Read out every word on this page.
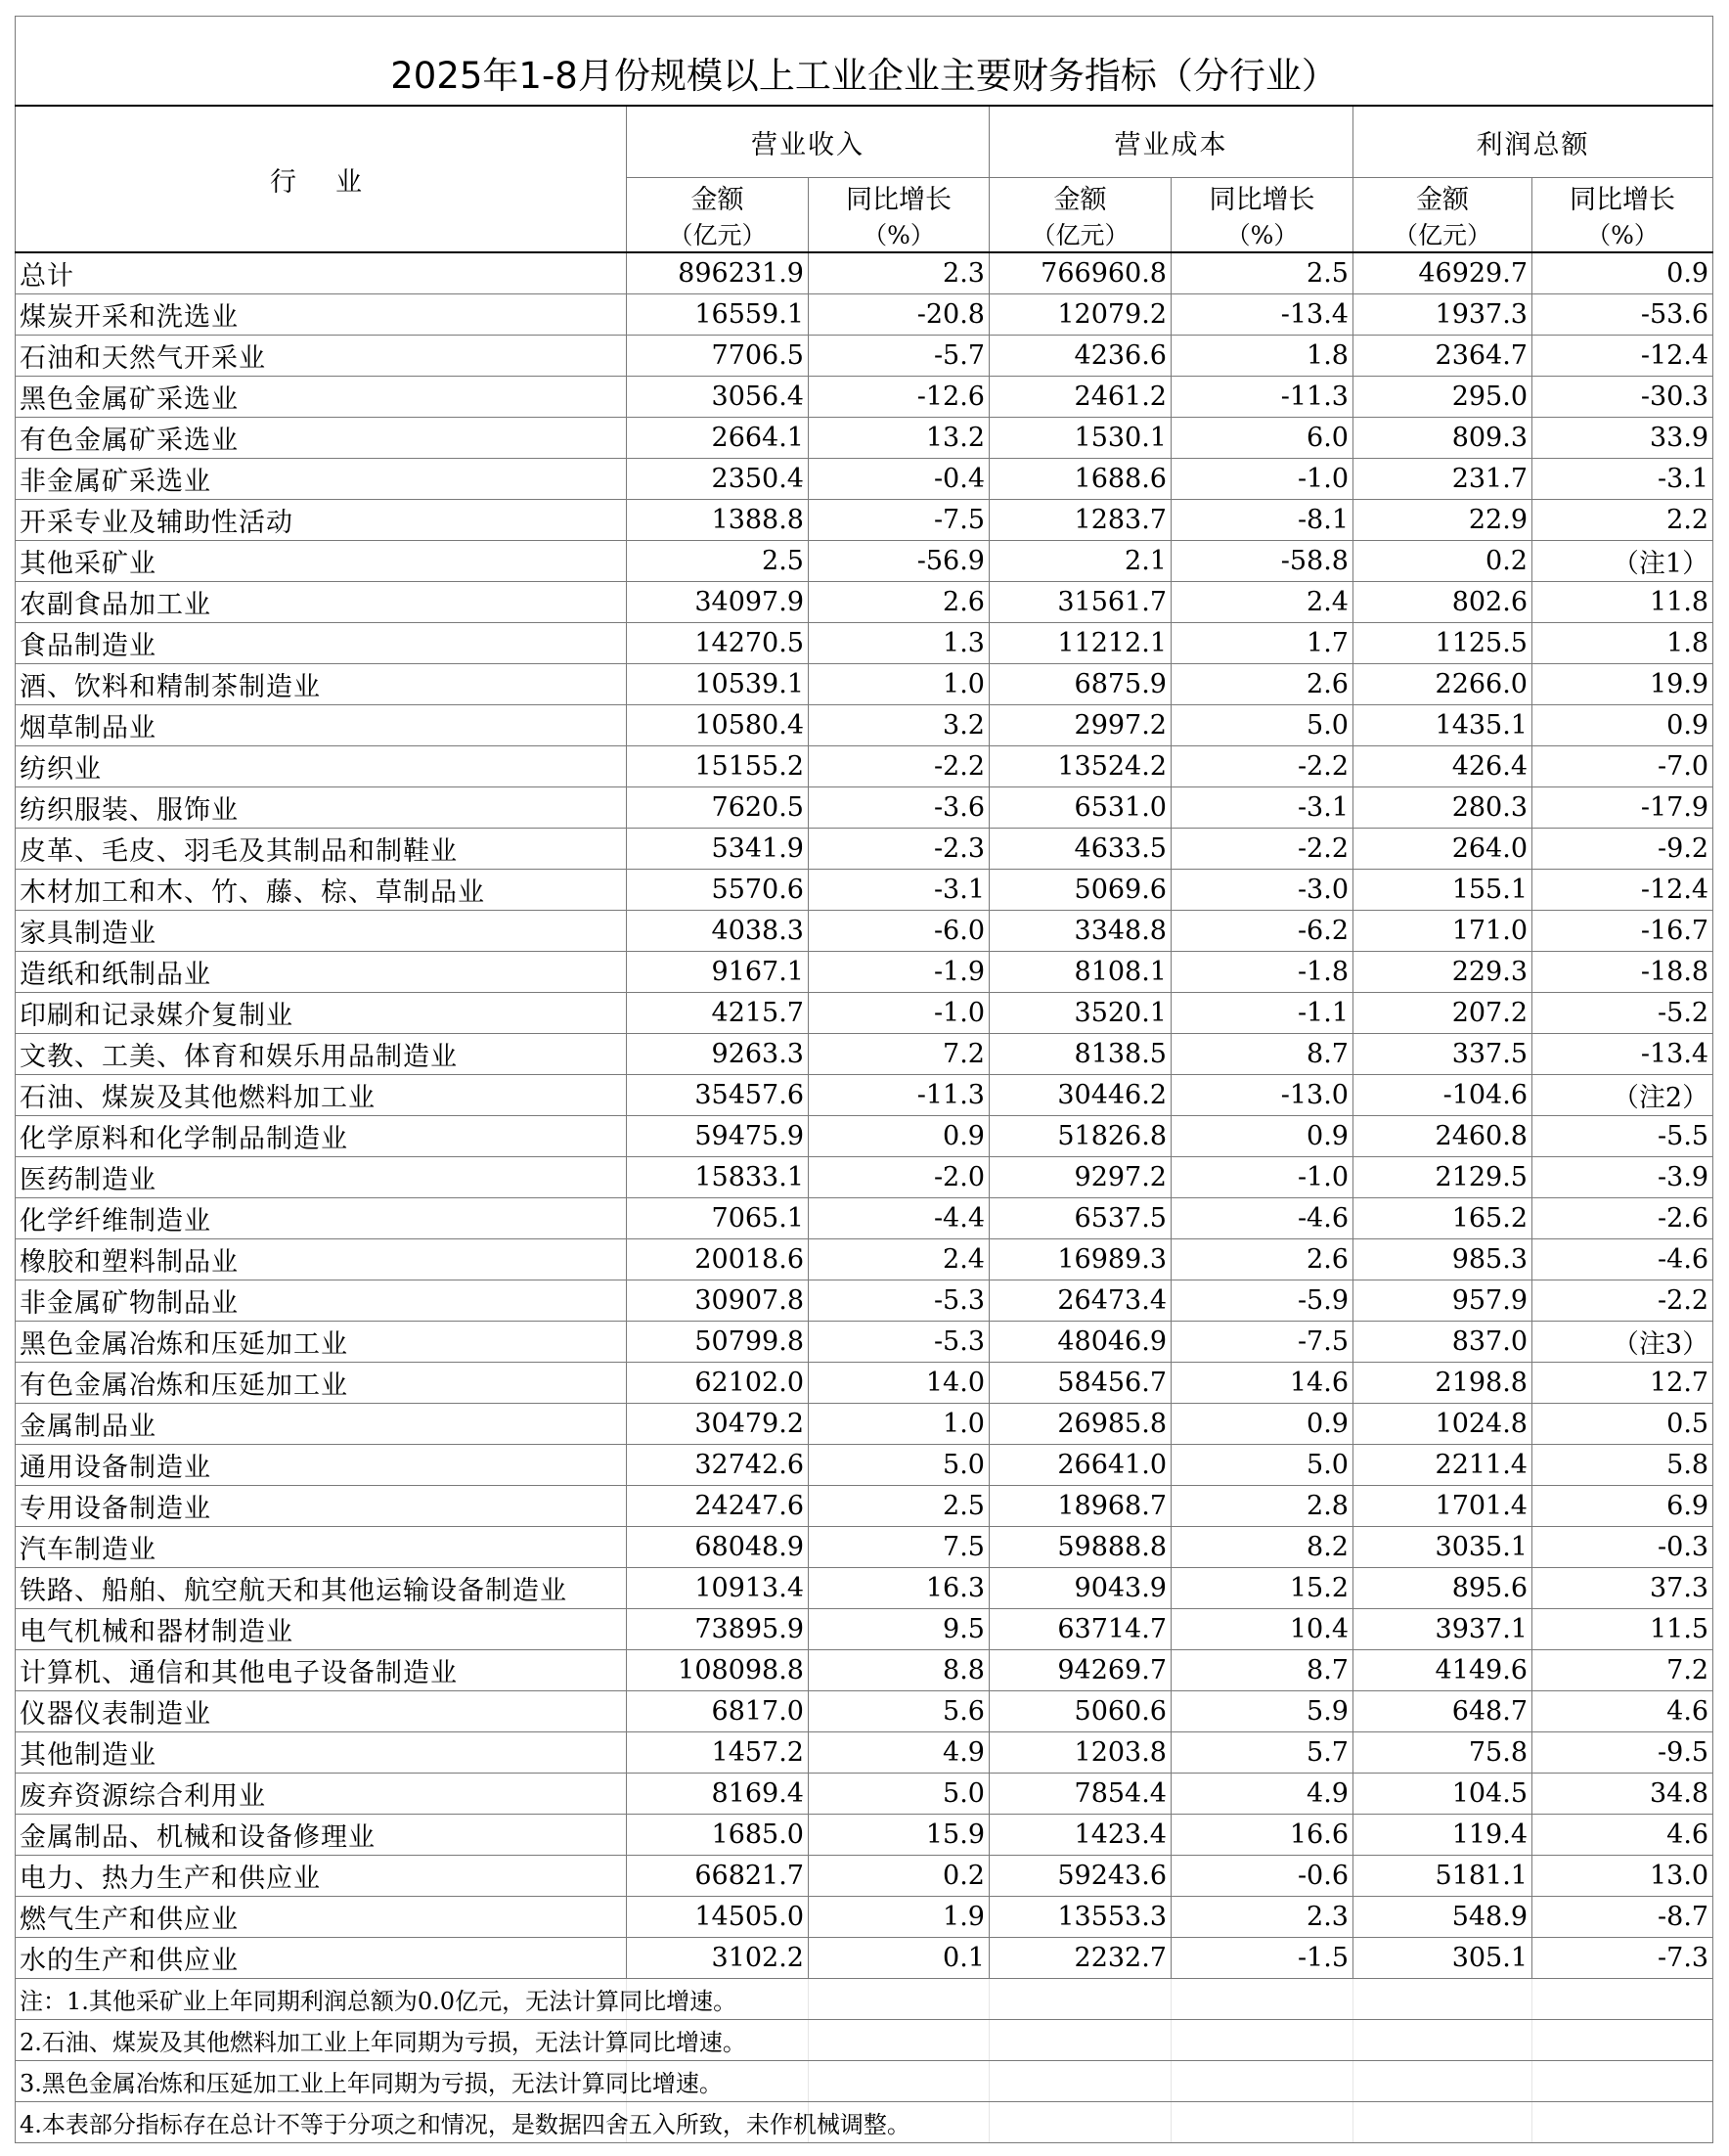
2025年1-8月份规模以上工业企业主要财务指标（分行业）						
行业	营业收入		营业成本		利润总额	
	金额	同比增长	金额	同比增长	金额	同比增长
	（亿元）	（%）	（亿元）	（%）	（亿元）	（%）
总计	896231.9	2.3	766960.8	2.5	46929.7	0.9
煤炭开采和洗选业	16559.1	-20.8	12079.2	-13.4	1937.3	-53.6
石油和天然气开采业	7706.5	-5.7	4236.6	1.8	2364.7	-12.4
黑色金属矿采选业	3056.4	-12.6	2461.2	-11.3	295.0	-30.3
有色金属矿采选业	2664.1	13.2	1530.1	6.0	809.3	33.9
非金属矿采选业	2350.4	-0.4	1688.6	-1.0	231.7	-3.1
开采专业及辅助性活动	1388.8	-7.5	1283.7	-8.1	22.9	2.2
其他采矿业	2.5	-56.9	2.1	-58.8	0.2	（注1）
农副食品加工业	34097.9	2.6	31561.7	2.4	802.6	11.8
食品制造业	14270.5	1.3	11212.1	1.7	1125.5	1.8
酒、饮料和精制茶制造业	10539.1	1.0	6875.9	2.6	2266.0	19.9
烟草制品业	10580.4	3.2	2997.2	5.0	1435.1	0.9
纺织业	15155.2	-2.2	13524.2	-2.2	426.4	-7.0
纺织服装、服饰业	7620.5	-3.6	6531.0	-3.1	280.3	-17.9
皮革、毛皮、羽毛及其制品和制鞋业	5341.9	-2.3	4633.5	-2.2	264.0	-9.2
木材加工和木、竹、藤、棕、草制品业	5570.6	-3.1	5069.6	-3.0	155.1	-12.4
家具制造业	4038.3	-6.0	3348.8	-6.2	171.0	-16.7
造纸和纸制品业	9167.1	-1.9	8108.1	-1.8	229.3	-18.8
印刷和记录媒介复制业	4215.7	-1.0	3520.1	-1.1	207.2	-5.2
文教、工美、体育和娱乐用品制造业	9263.3	7.2	8138.5	8.7	337.5	-13.4
石油、煤炭及其他燃料加工业	35457.6	-11.3	30446.2	-13.0	-104.6	（注2）
化学原料和化学制品制造业	59475.9	0.9	51826.8	0.9	2460.8	-5.5
医药制造业	15833.1	-2.0	9297.2	-1.0	2129.5	-3.9
化学纤维制造业	7065.1	-4.4	6537.5	-4.6	165.2	-2.6
橡胶和塑料制品业	20018.6	2.4	16989.3	2.6	985.3	-4.6
非金属矿物制品业	30907.8	-5.3	26473.4	-5.9	957.9	-2.2
黑色金属冶炼和压延加工业	50799.8	-5.3	48046.9	-7.5	837.0	（注3）
有色金属冶炼和压延加工业	62102.0	14.0	58456.7	14.6	2198.8	12.7
金属制品业	30479.2	1.0	26985.8	0.9	1024.8	0.5
通用设备制造业	32742.6	5.0	26641.0	5.0	2211.4	5.8
专用设备制造业	24247.6	2.5	18968.7	2.8	1701.4	6.9
汽车制造业	68048.9	7.5	59888.8	8.2	3035.1	-0.3
铁路、船舶、航空航天和其他运输设备制造业	10913.4	16.3	9043.9	15.2	895.6	37.3
电气机械和器材制造业	73895.9	9.5	63714.7	10.4	3937.1	11.5
计算机、通信和其他电子设备制造业	108098.8	8.8	94269.7	8.7	4149.6	7.2
仪器仪表制造业	6817.0	5.6	5060.6	5.9	648.7	4.6
其他制造业	1457.2	4.9	1203.8	5.7	75.8	-9.5
废弃资源综合利用业	8169.4	5.0	7854.4	4.9	104.5	34.8
金属制品、机械和设备修理业	1685.0	15.9	1423.4	16.6	119.4	4.6
电力、热力生产和供应业	66821.7	0.2	59243.6	-0.6	5181.1	13.0
燃气生产和供应业	14505.0	1.9	13553.3	2.3	548.9	-8.7
水的生产和供应业	3102.2	0.1	2232.7	-1.5	305.1	-7.3
注：1.其他采矿业上年同期利润总额为0.0亿元，无法计算同比增速。						
2.石油、煤炭及其他燃料加工业上年同期为亏损，无法计算同比增速。						
3.黑色金属冶炼和压延加工业上年同期为亏损，无法计算同比增速。						
4.本表部分指标存在总计不等于分项之和情况，是数据四舍五入所致，未作机械调整。						
